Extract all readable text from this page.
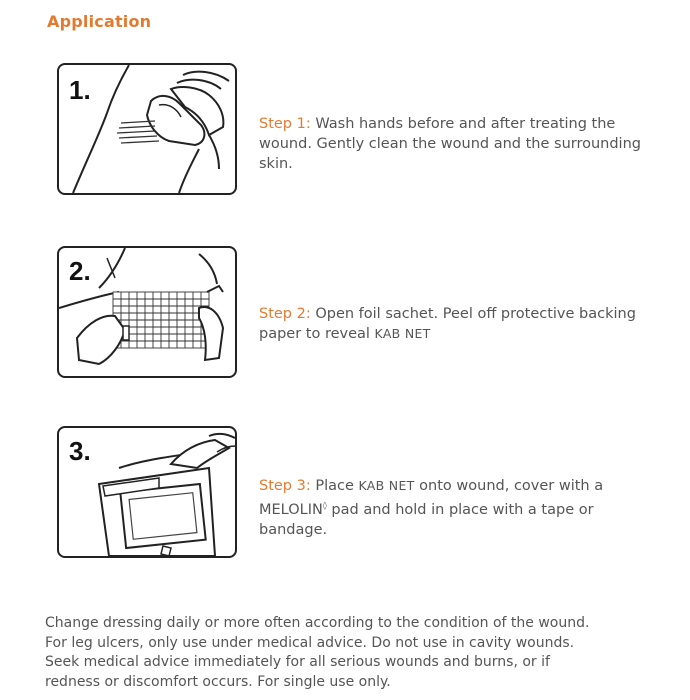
Application
1.
Step 1: Wash hands before and after treating the wound. Gently clean the wound and the surrounding skin.
2.
Step 2: Open foil sachet. Peel off protective backing paper to reveal KAB NET
3.
Step 3: Place KAB NET onto wound, cover with a MELOLIN◊ pad and hold in place with a tape or bandage.

Change dressing daily or more often according to the condition of the wound.

For leg ulcers, only use under medical advice. Do not use in cavity wounds.

Seek medical advice immediately for all serious wounds and burns, or if

redness or discomfort occurs. For single use only.
